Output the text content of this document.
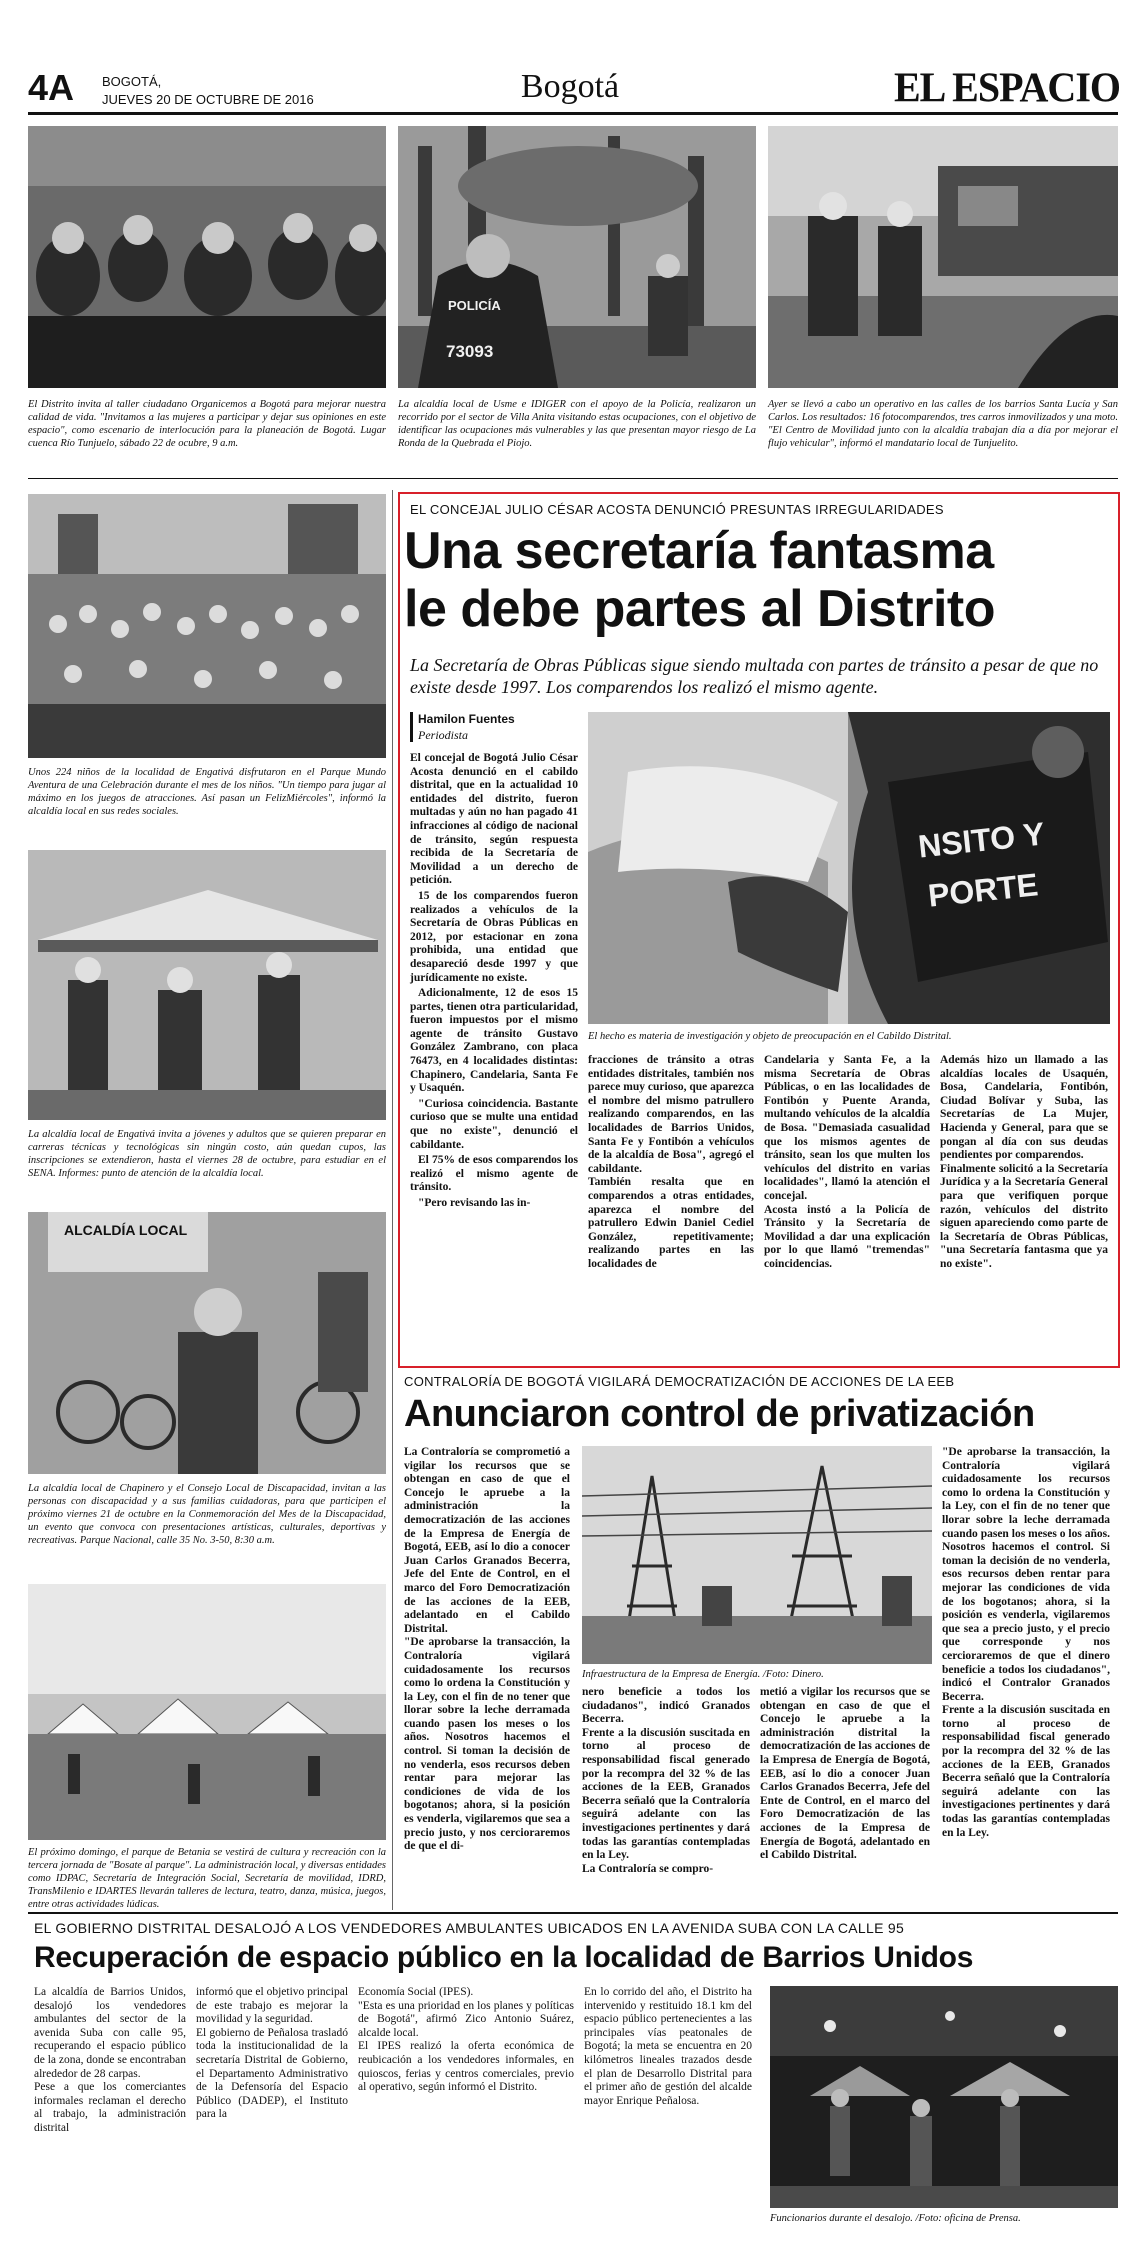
4A BOGOTÁ,
JUEVES 20 DE OCTUBRE DE 2016	Bogotá	EL ESPACIO
POLICÍA
73093
El Distrito invita al taller ciudadano Organicemos a Bogotá para mejorar nuestra calidad de vida. "Invitamos a las mujeres a participar y dejar sus opiniones en este espacio", como escenario de interlocución para la planeación de Bogotá. Lugar cuenca Río Tunjuelo, sábado 22 de ocubre, 9 a.m.
La alcaldía local de Usme e IDIGER con el apoyo de la Policía, realizaron un recorrido por el sector de Villa Anita visitando estas ocupaciones, con el objetivo de identificar las ocupaciones más vulnerables y las que presentan mayor riesgo de La Ronda de la Quebrada el Piojo.
Ayer se llevó a cabo un operativo en las calles de los barrios Santa Lucía y San Carlos. Los resultados: 16 fotocomparendos, tres carros inmovilizados y una moto. "El Centro de Movilidad junto con la alcaldía trabajan día a día por mejorar el flujo vehicular", informó el mandatario local de Tunjuelito.
Unos 224 niños de la localidad de Engativá disfrutaron en el Parque Mundo Aventura de una Celebración durante el mes de los niños. "Un tiempo para jugar al máximo en los juegos de atracciones. Así pasan un FelizMiércoles", informó la alcaldía local en sus redes sociales.
La alcaldía local de Engativá invita a jóvenes y adultos que se quieren preparar en carreras técnicas y tecnológicas sin ningún costo, aún quedan cupos, las inscripciones se extendieron, hasta el viernes 28 de octubre, para estudiar en el SENA. Informes: punto de atención de la alcaldía local.
ALCALDÍA LOCAL
La alcaldía local de Chapinero y el Consejo Local de Discapacidad, invitan a las personas con discapacidad y a sus familias cuidadoras, para que participen el próximo viernes 21 de octubre en la Conmemoración del Mes de la Discapacidad, un evento que convoca con presentaciones artísticas, culturales, deportivas y recreativas. Parque Nacional, calle 35 No. 3-50, 8:30 a.m.
El próximo domingo, el parque de Betania se vestirá de cultura y recreación con la tercera jornada de "Bosate al parque". La administración local, y diversas entidades como IDPAC, Secretaría de Integración Social, Secretaría de movilidad, IDRD, TransMilenio e IDARTES llevarán talleres de lectura, teatro, danza, música, juegos, entre otras actividades lúdicas.
EL CONCEJAL JULIO CÉSAR ACOSTA DENUNCIÓ PRESUNTAS IRREGULARIDADES
Una secretaría fantasma
le debe partes al Distrito
La Secretaría de Obras Públicas sigue siendo multada con partes de tránsito a pesar de que no existe desde 1997. Los comparendos los realizó el mismo agente.
Hamilon Fuentes
Periodista

El concejal de Bogotá Julio César Acosta denunció en el cabildo distrital, que en la actualidad 10 entidades del distrito, fueron multadas y aún no han pagado 41 infracciones al código de nacional de tránsito, según respuesta recibida de la Secretaría de Movilidad a un derecho de petición.

15 de los comparendos fueron realizados a vehículos de la Secretaría de Obras Públicas en 2012, por estacionar en zona prohibida, una entidad que desapareció desde 1997 y que jurídicamente no existe.

Adicionalmente, 12 de esos 15 partes, tienen otra particularidad, fueron impuestos por el mismo agente de tránsito Gustavo González Zambrano, con placa 76473, en 4 localidades distintas: Chapinero, Candelaria, Santa Fe y Usaquén.

"Curiosa coincidencia. Bastante curioso que se multe una entidad que no existe", denunció el cabildante.

El 75% de esos comparendos los realizó el mismo agente de tránsito.

"Pero revisando las in-

NSITO Y
PORTE
El hecho es materia de investigación y objeto de preocupación en el Cabildo Distrital.
fracciones de tránsito a otras entidades distritales, también nos parece muy curioso, que aparezca el nombre del mismo patrullero realizando comparendos, en las localidades de Barrios Unidos, Santa Fe y Fontibón a vehículos de la alcaldía de Bosa", agregó el cabildante.
También resalta que en comparendos a otras entidades, aparezca el nombre del patrullero Edwin Daniel Cediel González, repetitivamente; realizando partes en las localidades de
Candelaria y Santa Fe, a la misma Secretaría de Obras Públicas, o en las localidades de Fontibón y Puente Aranda, multando vehículos de la alcaldía de Bosa. "Demasiada casualidad que los mismos agentes de tránsito, sean los que multen los vehículos del distrito en varias localidades", llamó la atención el concejal.
Acosta instó a la Policía de Tránsito y la Secretaría de Movilidad a dar una explicación por lo que llamó "tremendas" coincidencias.
Además hizo un llamado a las alcaldías locales de Usaquén, Bosa, Candelaria, Fontibón, Ciudad Bolívar y Suba, las Secretarías de La Mujer, Hacienda y General, para que se pongan al día con sus deudas pendientes por comparendos.
Finalmente solicitó a la Secretaría Jurídica y a la Secretaría General para que verifiquen porque razón, vehículos del distrito siguen apareciendo como parte de la Secretaría de Obras Públicas, "una Secretaría fantasma que ya no existe".
CONTRALORÍA DE BOGOTÁ VIGILARÁ DEMOCRATIZACIÓN DE ACCIONES DE LA EEB
Anunciaron control de privatización
La Contraloría se comprometió a vigilar los recursos que se obtengan en caso de que el Concejo le apruebe a la administración la democratización de las acciones de la Empresa de Energía de Bogotá, EEB, así lo dio a conocer Juan Carlos Granados Becerra, Jefe del Ente de Control, en el marco del Foro Democratización de las acciones de la EEB, adelantado en el Cabildo Distrital.
"De aprobarse la transacción, la Contraloría vigilará cuidadosamente los recursos como lo ordena la Constitución y la Ley, con el fin de no tener que llorar sobre la leche derramada cuando pasen los meses o los años. Nosotros hacemos el control. Si toman la decisión de no venderla, esos recursos deben rentar para mejorar las condiciones de vida de los bogotanos; ahora, si la posición es venderla, vigilaremos que sea a precio justo, y nos cercioraremos de que el di-
Infraestructura de la Empresa de Energía. /Foto: Dinero.
nero beneficie a todos los ciudadanos", indicó Granados Becerra.
Frente a la discusión suscitada en torno al proceso de responsabilidad fiscal generado por la recompra del 32 % de las acciones de la EEB, Granados Becerra señaló que la Contraloría seguirá adelante con las investigaciones pertinentes y dará todas las garantías contempladas en la Ley.
La Contraloría se compro-
metió a vigilar los recursos que se obtengan en caso de que el Concejo le apruebe a la administración distrital la democratización de las acciones de la Empresa de Energía de Bogotá, EEB, así lo dio a conocer Juan Carlos Granados Becerra, Jefe del Ente de Control, en el marco del Foro Democratización de las acciones de la Empresa de Energía de Bogotá, adelantado en el Cabildo Distrital.
"De aprobarse la transacción, la Contraloría vigilará cuidadosamente los recursos como lo ordena la Constitución y la Ley, con el fin de no tener que llorar sobre la leche derramada cuando pasen los meses o los años. Nosotros hacemos el control. Si toman la decisión de no venderla, esos recursos deben rentar para mejorar las condiciones de vida de los bogotanos; ahora, si la posición es venderla, vigilaremos que sea a precio justo, y el precio que corresponde y nos cercioraremos de que el dinero beneficie a todos los ciudadanos", indicó el Contralor Granados Becerra.
Frente a la discusión suscitada en torno al proceso de responsabilidad fiscal generado por la recompra del 32 % de las acciones de la EEB, Granados Becerra señaló que la Contraloría seguirá adelante con las investigaciones pertinentes y dará todas las garantías contempladas en la Ley.
EL GOBIERNO DISTRITAL DESALOJÓ A LOS VENDEDORES AMBULANTES UBICADOS EN LA AVENIDA SUBA CON LA CALLE 95
Recuperación de espacio público en la localidad de Barrios Unidos
La alcaldía de Barrios Unidos, desalojó los vendedores ambulantes del sector de la avenida Suba con calle 95, recuperando el espacio público de la zona, donde se encontraban alrededor de 28 carpas.
Pese a que los comerciantes informales reclaman el derecho al trabajo, la administración distrital
informó que el objetivo principal de este trabajo es mejorar la movilidad y la seguridad.
El gobierno de Peñalosa trasladó toda la institucionalidad de la secretaría Distrital de Gobierno, el Departamento Administrativo de la Defensoría del Espacio Público (DADEP), el Instituto para la
Economía Social (IPES).
"Esta es una prioridad en los planes y políticas de Bogotá", afirmó Zico Antonio Suárez, alcalde local.
El IPES realizó la oferta económica de reubicación a los vendedores informales, en quioscos, ferias y centros comerciales, previo al operativo, según informó el Distrito.
En lo corrido del año, el Distrito ha intervenido y restituido 18.1 km del espacio público pertenecientes a las principales vías peatonales de Bogotá; la meta se encuentra en 20 kilómetros lineales trazados desde el plan de Desarrollo Distrital para el primer año de gestión del alcalde mayor Enrique Peñalosa.
Funcionarios durante el desalojo. /Foto: oficina de Prensa.
